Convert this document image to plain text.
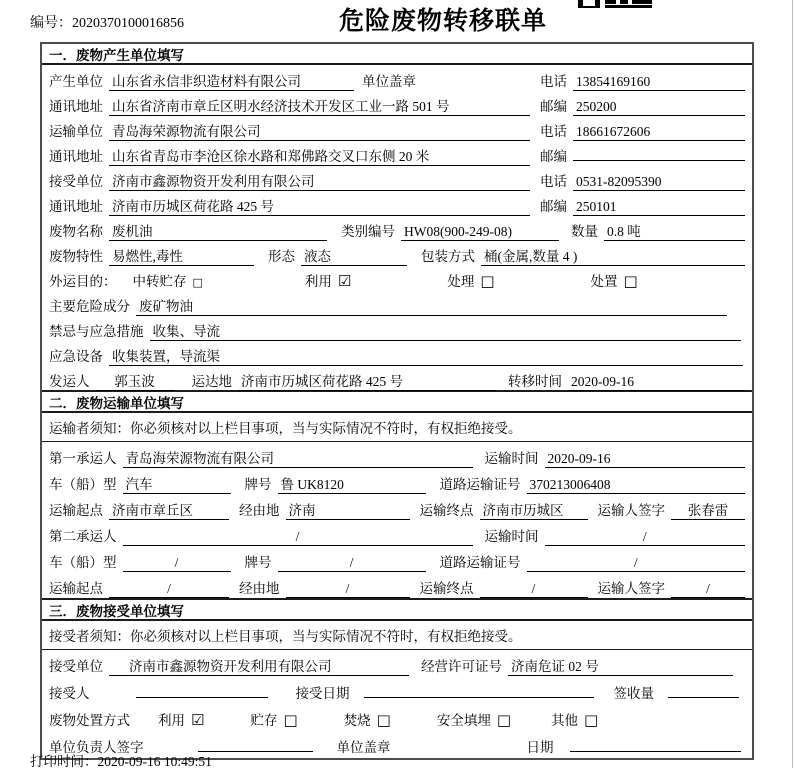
编号：2020370100016856	危险废物转移联单
一．废物产生单位填写
产生单位 山东省永信非织造材料有限公司	单位盖章	电话 13854169160
通讯地址 山东省济南市章丘区明水经济技术开发区工业一路 501 号	邮编 250200
运输单位 青岛海荣源物流有限公司	电话 18661672606
通讯地址 山东省青岛市李沧区徐水路和郑佛路交叉口东侧 20 米	邮编
接受单位 济南市鑫源物资开发利用有限公司	电话 0531-82095390
通讯地址 济南市历城区荷花路 425 号	邮编 250101
废物名称 废机油	类别编号 HW08(900-249-08)	数量 0.8 吨
废物特性 易燃性,毒性	形态 液态	包装方式 桶(金属,数量 4 )
外运目的： 中转贮存 □	利用 ☑	处理 □	处置 □
主要危险成分 废矿物油
禁忌与应急措施 收集、导流
应急设备 收集装置，导流渠
发运人	郭玉波	运达地 济南市历城区荷花路 425 号	转移时间 2020-09-16
二．废物运输单位填写
运输者须知：你必须核对以上栏目事项，当与实际情况不符时，有权拒绝接受。
第一承运人 青岛海荣源物流有限公司	运输时间 2020-09-16
车（船）型 汽车	牌号 鲁 UK8120	道路运输证号 370213006408
运输起点 济南市章丘区	经由地 济南	运输终点 济南市历城区	运输人签字	张春雷
第二承运人	/	运输时间	/
车（船）型	/	牌号	/	道路运输证号	/
运输起点	/	经由地	/	运输终点	/	运输人签字	/
三．废物接受单位填写
接受者须知：你必须核对以上栏目事项，当与实际情况不符时，有权拒绝接受。
接受单位	济南市鑫源物资开发利用有限公司	经营许可证号 济南危证 02 号
接受人	接受日期	签收量
废物处置方式 利用 ☑	贮存 □	焚烧 □	安全填埋 □	其他 □
单位负责人签字	单位盖章	日期
打印时间：2020-09-16 10:49:51
